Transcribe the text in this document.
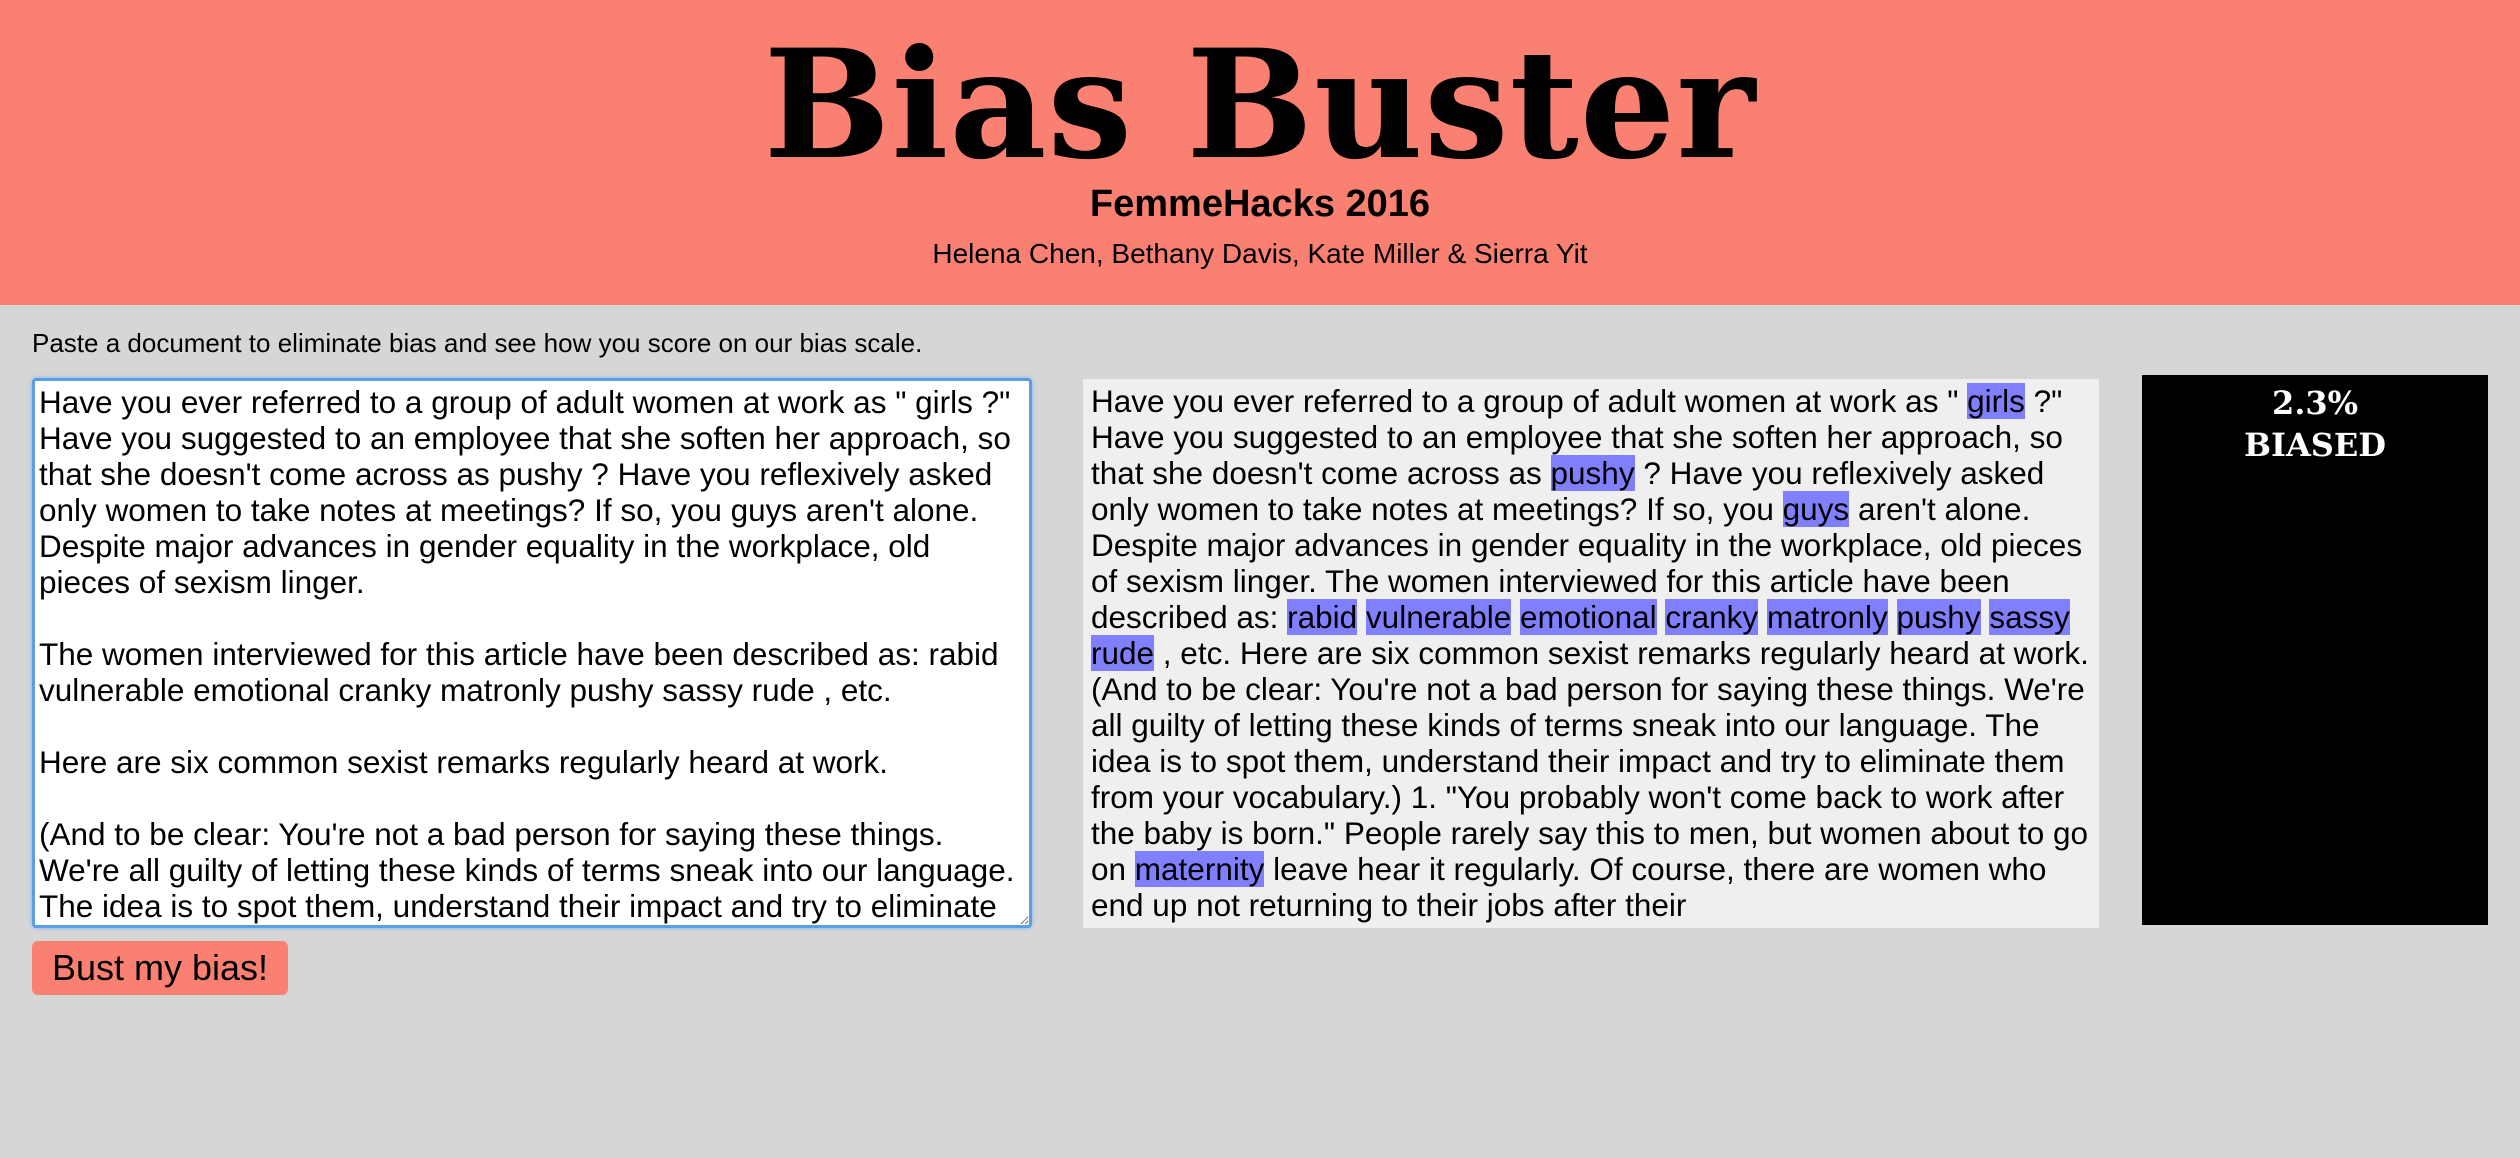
Bias Buster
FemmeHacks 2016
Helena Chen, Bethany Davis, Kate Miller & Sierra Yit
Paste a document to eliminate bias and see how you score on our bias scale.
Have you ever referred to a group of adult women at work as " girls ?" Have you suggested to an employee that she soften her approach, so that she doesn't come across as pushy ? Have you reflexively asked only women to take notes at meetings? If so, you guys aren't alone. Despite major advances in gender equality in the workplace, old pieces of sexism linger. The women interviewed for this article have been described as: rabid vulnerable emotional cranky matronly pushy sassy rude , etc. Here are six common sexist remarks regularly heard at work. (And to be clear: You're not a bad person for saying these things. We're all guilty of letting these kinds of terms sneak into our language. The idea is to spot them, understand their impact and try to eliminate
Bust my bias!
Have you ever referred to a group of adult women at work as " girls ?" Have you suggested to an employee that she soften her approach, so that she doesn't come across as pushy ? Have you reflexively asked only women to take notes at meetings? If so, you guys aren't alone. Despite major advances in gender equality in the workplace, old pieces of sexism linger. The women interviewed for this article have been described as: rabid vulnerable emotional cranky matronly pushy sassy rude , etc. Here are six common sexist remarks regularly heard at work. (And to be clear: You're not a bad person for saying these things. We're all guilty of letting these kinds of terms sneak into our language. The idea is to spot them, understand their impact and try to eliminate them from your vocabulary.) 1. "You probably won't come back to work after the baby is born." People rarely say this to men, but women about to go on maternity leave hear it regularly. Of course, there are women who end up not returning to their jobs after their
2.3%
BIASED
